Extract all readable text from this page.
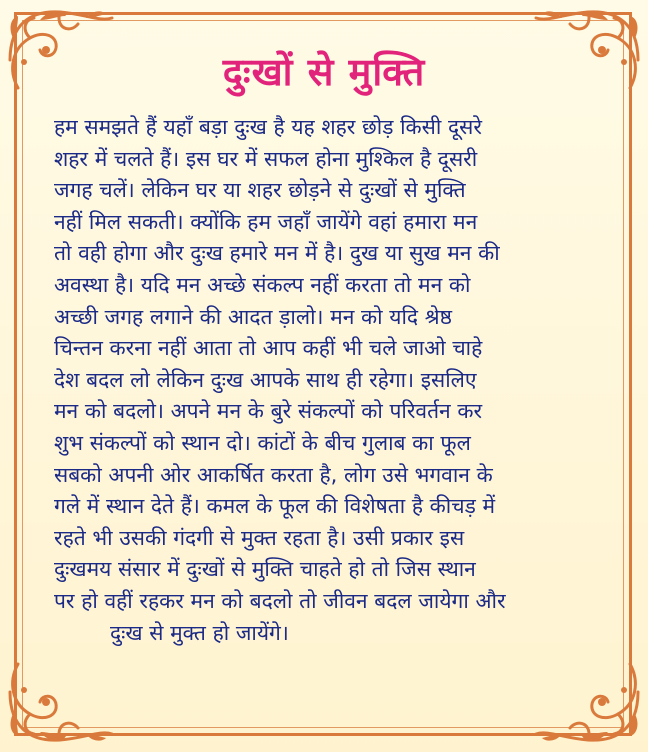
दुःखों से मुक्ति
हम समझते हैं यहाँ बड़ा दुःख है यह शहर छोड़ किसी दूसरे
शहर में चलते हैं। इस घर में सफल होना मुश्किल है दूसरी
जगह चलें। लेकिन घर या शहर छोड़ने से दुःखों से मुक्ति
नहीं मिल सकती। क्योंकि हम जहाँ जायेंगे वहां हमारा मन
तो वही होगा और दुःख हमारे मन में है। दुख या सुख मन की
अवस्था है। यदि मन अच्छे संकल्प नहीं करता तो मन को
अच्छी जगह लगाने की आदत ड़ालो। मन को यदि श्रेष्ठ
चिन्तन करना नहीं आता तो आप कहीं भी चले जाओ चाहे
देश बदल लो लेकिन दुःख आपके साथ ही रहेगा। इसलिए
मन को बदलो। अपने मन के बुरे संकल्पों को परिवर्तन कर
शुभ संकल्पों को स्थान दो। कांटों के बीच गुलाब का फूल
सबको अपनी ओर आकर्षित करता है, लोग उसे भगवान के
गले में स्थान देते हैं। कमल के फूल की विशेषता है कीचड़ में
रहते भी उसकी गंदगी से मुक्त रहता है। उसी प्रकार इस
दुःखमय संसार में दुःखों से मुक्ति चाहते हो तो जिस स्थान
पर हो वहीं रहकर मन को बदलो तो जीवन बदल जायेगा और
दुःख से मुक्त हो जायेंगे।
